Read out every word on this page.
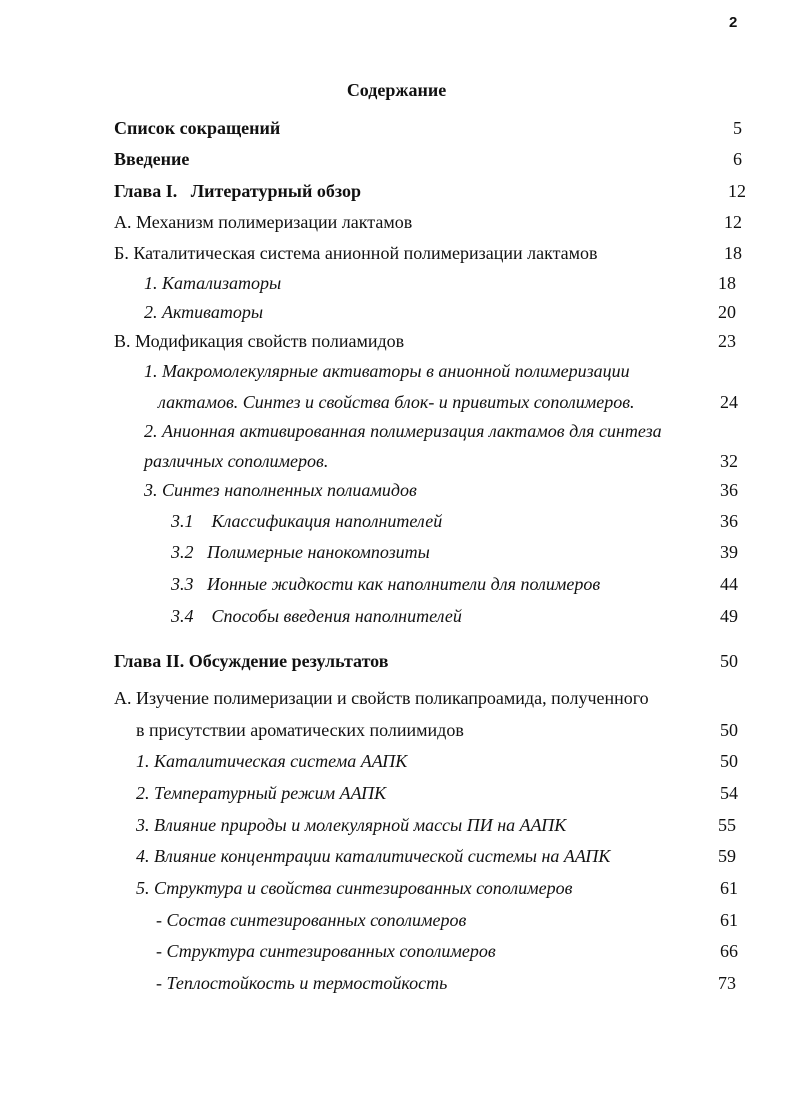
2
Содержание
Список сокращений	5
Введение	6
Глава I.   Литературный обзор	12
А. Механизм полимеризации лактамов	12
Б. Каталитическая система анионной полимеризации лактамов	18
1. Катализаторы	18
2. Активаторы	20
В. Модификация свойств полиамидов	23
1. Макромолекулярные активаторы в анионной полимеризации
лактамов. Синтез и свойства блок- и привитых сополимеров.	24
2. Анионная активированная полимеризация лактамов для синтеза
различных сополимеров.	32
3. Синтез наполненных полиамидов	36
3.1 Классификация наполнителей	36
3.2 Полимерные нанокомпозиты	39
3.3 Ионные жидкости как наполнители для полимеров	44
3.4 Способы введения наполнителей	49
Глава II. Обсуждение результатов	50
А. Изучение полимеризации и свойств поликапроамида, полученного
в присутствии ароматических полиимидов	50
1. Каталитическая система ААПК	50
2. Температурный режим ААПК	54
3. Влияние природы и молекулярной массы ПИ на ААПК	55
4. Влияние концентрации каталитической системы на ААПК	59
5. Структура и свойства синтезированных сополимеров	61
- Состав синтезированных сополимеров	61
- Структура синтезированных сополимеров	66
- Теплостойкость и термостойкость	73
